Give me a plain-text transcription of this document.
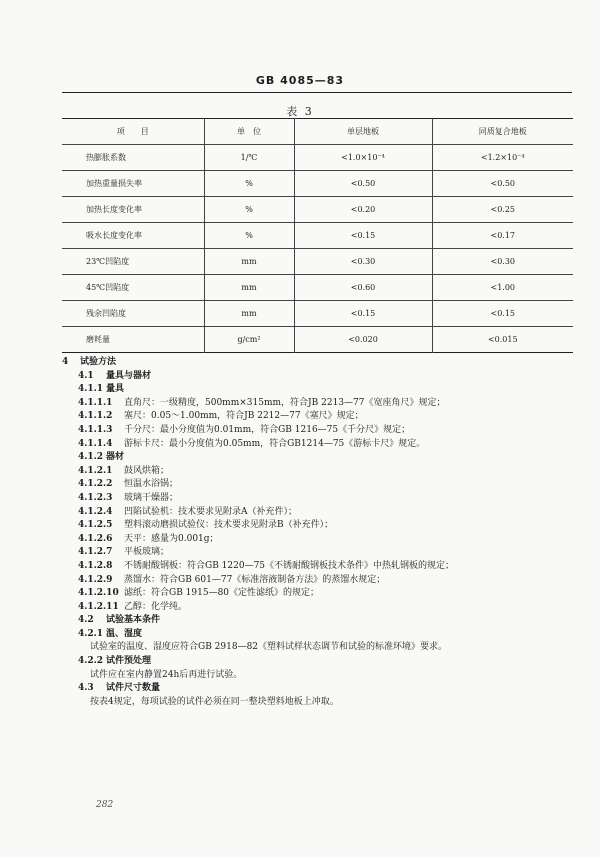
GB 4085—83
表 3
项　　目	单　位	单层地板	同质复合地板
热膨胀系数	1/℃	<1.0×10⁻⁴	<1.2×10⁻⁴
加热重量损失率	%	<0.50	<0.50
加热长度变化率	%	<0.20	<0.25
吸水长度变化率	%	<0.15	<0.17
23℃凹陷度	mm	<0.30	<0.30
45℃凹陷度	mm	<0.60	<1.00
残余凹陷度	mm	<0.15	<0.15
磨耗量	g/cm²	<0.020	<0.015
4 试验方法
4.1 量具与器材
4.1.1 量具
4.1.1.1 直角尺：一级精度，500mm×315mm，符合JB 2213—77《宽座角尺》规定；
4.1.1.2 塞尺：0.05～1.00mm，符合JB 2212—77《塞尺》规定；
4.1.1.3 千分尺：最小分度值为0.01mm，符合GB 1216—75《千分尺》规定；
4.1.1.4 游标卡尺：最小分度值为0.05mm，符合GB1214—75《游标卡尺》规定。
4.1.2 器材
4.1.2.1 鼓风烘箱；
4.1.2.2 恒温水浴锅；
4.1.2.3 玻璃干燥器；
4.1.2.4 凹陷试验机：技术要求见附录A（补充件）；
4.1.2.5 塑料滚动磨损试验仪：技术要求见附录B（补充件）；
4.1.2.6 天平：感量为0.001g；
4.1.2.7 平板玻璃；
4.1.2.8 不锈耐酸钢板：符合GB 1220—75《不锈耐酸钢板技术条件》中热轧钢板的规定；
4.1.2.9 蒸馏水：符合GB 601—77《标准溶液制备方法》的蒸馏水规定；
4.1.2.10 滤纸：符合GB 1915—80《定性滤纸》的规定；
4.1.2.11 乙醇：化学纯。
4.2 试验基本条件
4.2.1 温、湿度
试验室的温度、湿度应符合GB 2918—82《塑料试样状态调节和试验的标准环境》要求。
4.2.2 试件预处理
试件应在室内静置24h后再进行试验。
4.3 试件尺寸数量
按表4规定，每项试验的试件必须在同一整块塑料地板上冲取。
282
